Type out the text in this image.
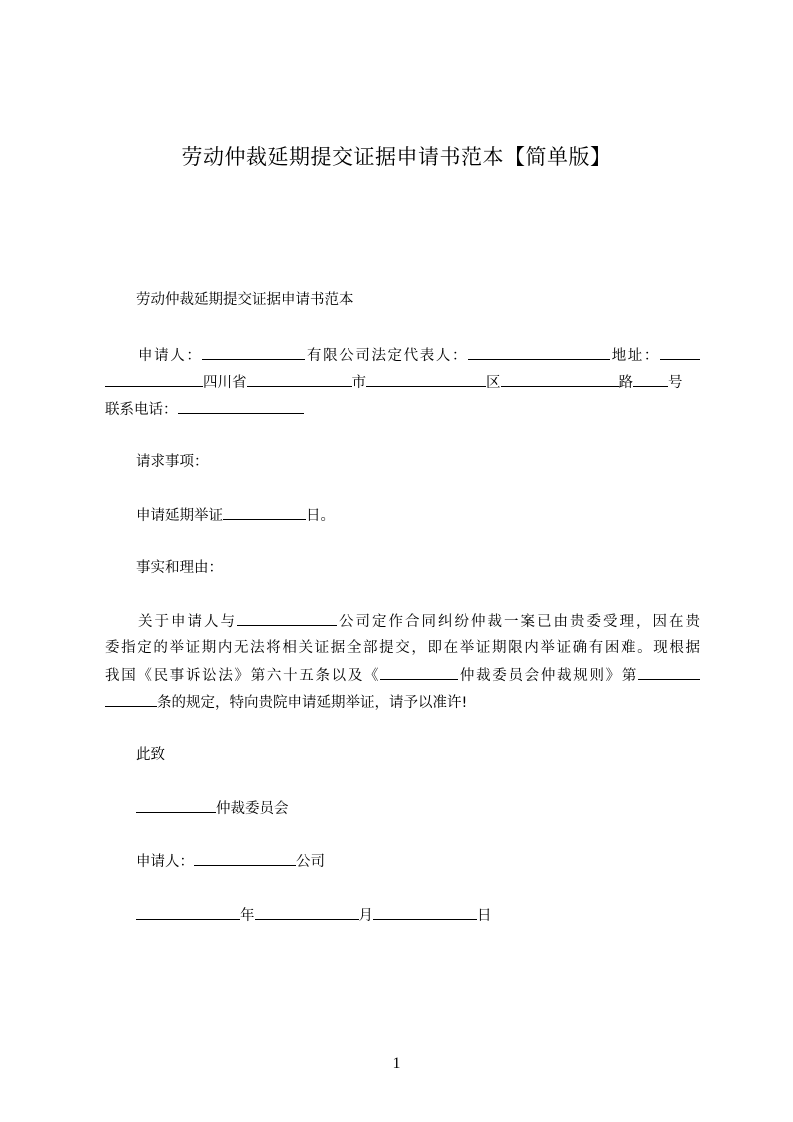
劳动仲裁延期提交证据申请书范本【简单版】
劳动仲裁延期提交证据申请书范本
申请人：	有限公司法定代表人：	地址：
四川省	市	区	路 号
联系电话：
请求事项：
申请延期举证	日。
事实和理由：
关于申请人与	公司定作合同纠纷仲裁一案已由贵委受理，因在贵
委指定的举证期内无法将相关证据全部提交，即在举证期限内举证确有困难。现根据
我国《民事诉讼法》第六十五条以及《	仲裁委员会仲裁规则》第
条的规定，特向贵院申请延期举证，请予以准许!
此致
仲裁委员会
申请人：	公司
年	月	日
1
